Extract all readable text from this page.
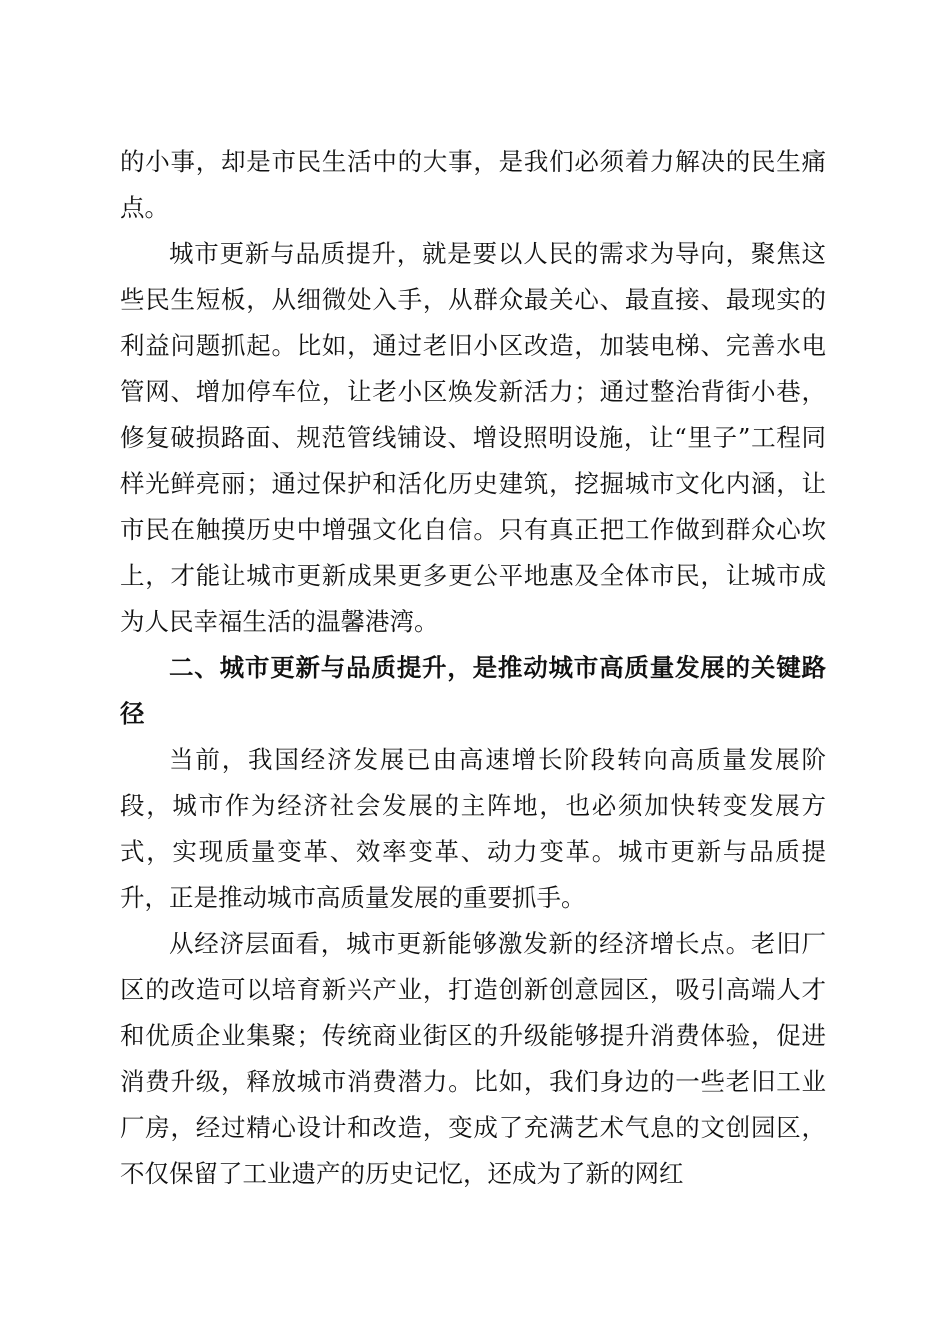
的小事，却是市民生活中的大事，是我们必须着力解决的民生痛点。

城市更新与品质提升，就是要以人民的需求为导向，聚焦这些民生短板，从细微处入手，从群众最关心、最直接、最现实的利益问题抓起。比如，通过老旧小区改造，加装电梯、完善水电管网、增加停车位，让老小区焕发新活力；通过整治背街小巷，修复破损路面、规范管线铺设、增设照明设施，让“里子”工程同样光鲜亮丽；通过保护和活化历史建筑，挖掘城市文化内涵，让市民在触摸历史中增强文化自信。只有真正把工作做到群众心坎上，才能让城市更新成果更多更公平地惠及全体市民，让城市成为人民幸福生活的温馨港湾。

二、城市更新与品质提升，是推动城市高质量发展的关键路径

当前，我国经济发展已由高速增长阶段转向高质量发展阶段，城市作为经济社会发展的主阵地，也必须加快转变发展方式，实现质量变革、效率变革、动力变革。城市更新与品质提升，正是推动城市高质量发展的重要抓手。

从经济层面看，城市更新能够激发新的经济增长点。老旧厂区的改造可以培育新兴产业，打造创新创意园区，吸引高端人才和优质企业集聚；传统商业街区的升级能够提升消费体验，促进消费升级，释放城市消费潜力。比如，我们身边的一些老旧工业厂房，经过精心设计和改造，变成了充满艺术气息的文创园区，不仅保留了工业遗产的历史记忆，还成为了新的网红
